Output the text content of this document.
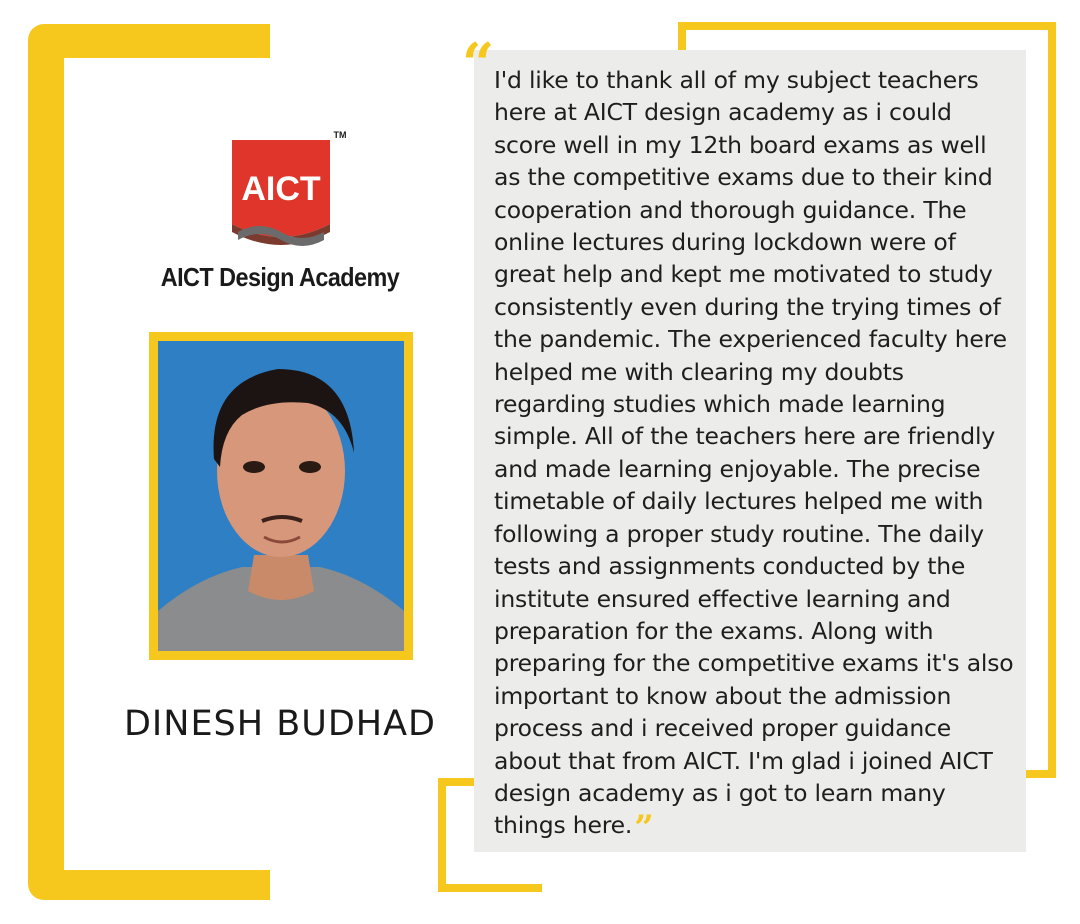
“ I'd like to thank all of my subject teachers here at AICT design academy as i could score well in my 12th board exams as well as the competitive exams due to their kind cooperation and thorough guidance. The online lectures during lockdown were of great help and kept me motivated to study consistently even during the trying times of the pandemic. The experienced faculty here helped me with clearing my doubts regarding studies which made learning simple. All of the teachers here are friendly and made learning enjoyable. The precise timetable of daily lectures helped me with following a proper study routine. The daily tests and assignments conducted by the institute ensured effective learning and preparation for the exams. Along with preparing for the competitive exams it's also important to know about the admission process and i received proper guidance about that from AICT. I'm glad i joined AICT design academy as i got to learn many things here.”

AICT
TM
AICT Design Academy
DINESH BUDHAD
